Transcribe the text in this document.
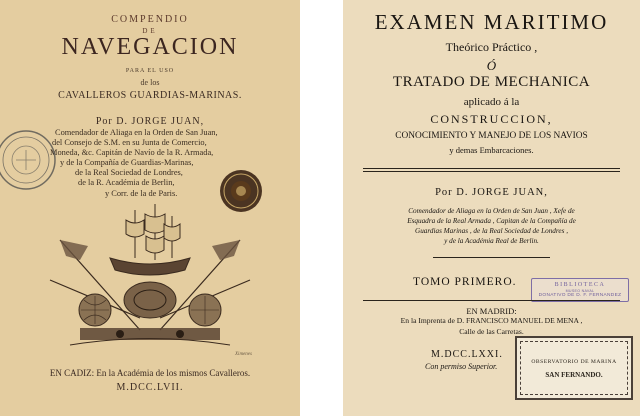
COMPENDIO
DE
NAVEGACION
PARA EL USO
de los
CAVALLEROS GUARDIAS-MARINAS.
Por D. JORGE JUAN,
Comendador de Aliaga en la Orden de San Juan,
del Consejo de S.M. en su Junta de Comercio,
Moneda, &c. Capitán de Navío de la R. Armada,
y de la Compañía de Guardias-Marinas,
de la Real Sociedad de Londres,
de la R. Académia de Berlin,
y Corr. de la de Paris.
Ximenes
EN CADIZ: En la Académia de los mismos Cavalleros.
M.DCC.LVII.
EXAMEN MARITIMO
Theórico Práctico ,
Ó
TRATADO DE MECHANICA
aplicado á la
CONSTRUCCION,
CONOCIMIENTO Y MANEJO DE LOS NAVIOS
y demas Embarcaciones.
Por D. JORGE JUAN,
Comendador de Aliaga en la Orden de San Juan , Xefe de
Esquadra de la Real Armada , Capitan de la Compañía de
Guardias Marinas , de la Real Sociedad de Londres ,
y de la Académia Real de Berlin.
TOMO PRIMERO.	BIBLIOTECA
MUSEO NAVAL
DONATIVO DE D. F. FERNANDEZ
EN MADRID:
En la Imprenta de D. FRANCISCO MANUEL DE MENA ,
Calle de las Carretas.
M.DCC.LXXI.
Con permiso Superior.	OBSERVATORIO DE MARINA
SAN FERNANDO.
